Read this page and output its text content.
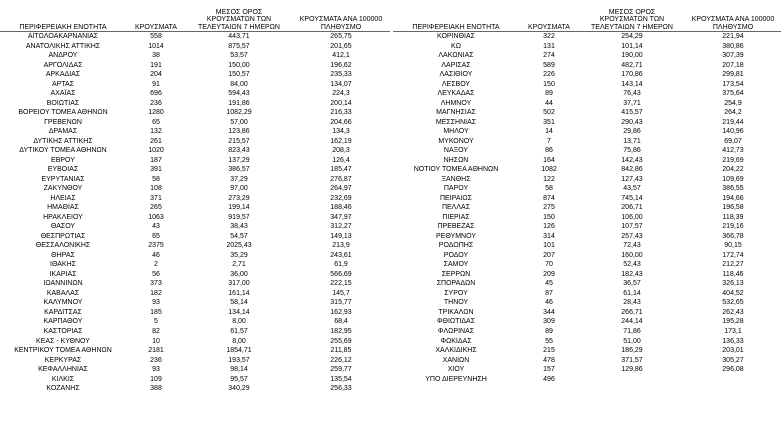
ΠΕΡΙΦΕΡΕΙΑΚΗ ΕΝΟΤΗΤΑ	ΚΡΟΥΣΜΑΤΑ
ΜΕΣΟΣ ΟΡΟΣ
ΚΡΟΥΣΜΑΤΩΝ ΤΩΝ
ΤΕΛΕΥΤΑΙΩΝ 7 ΗΜΕΡΩΝ
ΚΡΟΥΣΜΑΤΑ ΑΝΑ 100000
ΠΛΗΘΥΣΜΟ
ΑΙΤΩΛΟΑΚΑΡΝΑΝΙΑΣ	558	443,71	265,75
ΑΝΑΤΟΛΙΚΗΣ ΑΤΤΙΚΗΣ	1014	875,57	201,65
ΑΝΔΡΟΥ	38	53,57	412,1
ΑΡΓΟΛΙΔΑΣ	191	150,00	196,62
ΑΡΚΑΔΙΑΣ	204	150,57	235,33
ΑΡΤΑΣ	91	84,00	134,07
ΑΧΑΪΑΣ	696	594,43	224,3
ΒΟΙΩΤΙΑΣ	236	191,86	200,14
ΒΟΡΕΙΟΥ ΤΟΜΕΑ ΑΘΗΝΩΝ	1280	1082,29	216,33
ΓΡΕΒΕΝΩΝ	65	57,00	204,66
ΔΡΑΜΑΣ	132	123,86	134,3
ΔΥΤΙΚΗΣ ΑΤΤΙΚΗΣ	261	215,57	162,19
ΔΥΤΙΚΟΥ ΤΟΜΕΑ ΑΘΗΝΩΝ	1020	823,43	208,3
ΕΒΡΟΥ	187	137,29	126,4
ΕΥΒΟΙΑΣ	391	386,57	185,47
ΕΥΡΥΤΑΝΙΑΣ	58	37,29	276,87
ΖΑΚΥΝΘΟΥ	108	97,00	264,97
ΗΛΕΙΑΣ	371	273,29	232,69
ΗΜΑΘΙΑΣ	265	199,14	188,46
ΗΡΑΚΛΕΙΟΥ	1063	919,57	347,97
ΘΑΣΟΥ	43	38,43	312,27
ΘΕΣΠΡΩΤΙΑΣ	65	54,57	149,13
ΘΕΣΣΑΛΟΝΙΚΗΣ	2375	2025,43	213,9
ΘΗΡΑΣ	46	35,29	243,61
ΙΘΑΚΗΣ	2	2,71	61,9
ΙΚΑΡΙΑΣ	56	36,00	566,69
ΙΩΑΝΝΙΝΩΝ	373	317,00	222,15
ΚΑΒΑΛΑΣ	182	161,14	145,7
ΚΑΛΥΜΝΟΥ	93	58,14	315,77
ΚΑΡΔΙΤΣΑΣ	185	134,14	162,93
ΚΑΡΠΑΘΟΥ	5	8,00	68,4
ΚΑΣΤΟΡΙΑΣ	82	61,57	182,95
ΚΕΑΣ - ΚΥΘΝΟΥ	10	8,00	255,69
ΚΕΝΤΡΙΚΟΥ ΤΟΜΕΑ ΑΘΗΝΩΝ	2181	1854,71	211,85
ΚΕΡΚΥΡΑΣ	236	193,57	226,12
ΚΕΦΑΛΛΗΝΙΑΣ	93	98,14	259,77
ΚΙΛΚΙΣ	109	95,57	135,54
ΚΟΖΑΝΗΣ	388	340,29	256,33
ΠΕΡΙΦΕΡΕΙΑΚΗ ΕΝΟΤΗΤΑ	ΚΡΟΥΣΜΑΤΑ
ΜΕΣΟΣ ΟΡΟΣ
ΚΡΟΥΣΜΑΤΩΝ ΤΩΝ
ΤΕΛΕΥΤΑΙΩΝ 7 ΗΜΕΡΩΝ
ΚΡΟΥΣΜΑΤΑ ΑΝΑ 100000
ΠΛΗΘΥΣΜΟ
ΚΟΡΙΝΘΙΑΣ	322	254,29	221,94
ΚΩ	131	101,14	380,86
ΛΑΚΩΝΙΑΣ	274	190,00	307,39
ΛΑΡΙΣΑΣ	589	482,71	207,18
ΛΑΣΙΘΙΟΥ	226	170,86	299,81
ΛΕΣΒΟΥ	150	143,14	173,54
ΛΕΥΚΑΔΑΣ	89	76,43	375,64
ΛΗΜΝΟΥ	44	37,71	254,9
ΜΑΓΝΗΣΙΑΣ	502	415,57	264,2
ΜΕΣΣΗΝΙΑΣ	351	290,43	219,44
ΜΗΛΟΥ	14	29,86	140,96
ΜΥΚΟΝΟΥ	7	13,71	69,07
ΝΑΞΟΥ	86	75,86	412,73
ΝΗΣΩΝ	164	142,43	219,69
ΝΟΤΙΟΥ ΤΟΜΕΑ ΑΘΗΝΩΝ	1082	842,86	204,22
ΞΑΝΘΗΣ	122	127,43	109,69
ΠΑΡΟΥ	58	43,57	386,55
ΠΕΙΡΑΙΩΣ	874	745,14	194,66
ΠΕΛΛΑΣ	275	206,71	196,58
ΠΙΕΡΙΑΣ	150	106,00	118,39
ΠΡΕΒΕΖΑΣ	126	107,57	219,16
ΡΕΘΥΜΝΟΥ	314	257,43	366,78
ΡΟΔΟΠΗΣ	101	72,43	90,15
ΡΟΔΟΥ	207	160,00	172,74
ΣΑΜΟΥ	70	52,43	212,27
ΣΕΡΡΩΝ	209	182,43	118,46
ΣΠΟΡΑΔΩΝ	45	36,57	326,13
ΣΥΡΟΥ	87	61,14	404,52
ΤΗΝΟΥ	46	28,43	532,65
ΤΡΙΚΑΛΩΝ	344	266,71	262,43
ΦΘΙΩΤΙΔΑΣ	309	244,14	195,28
ΦΛΩΡΙΝΑΣ	89	71,86	173,1
ΦΩΚΙΔΑΣ	55	51,00	136,33
ΧΑΛΚΙΔΙΚΗΣ	215	186,29	203,01
ΧΑΝΙΩΝ	478	371,57	305,27
ΧΙΟΥ	157	129,86	296,08
ΥΠΟ ΔΙΕΡΕΥΝΗΣΗ	496
